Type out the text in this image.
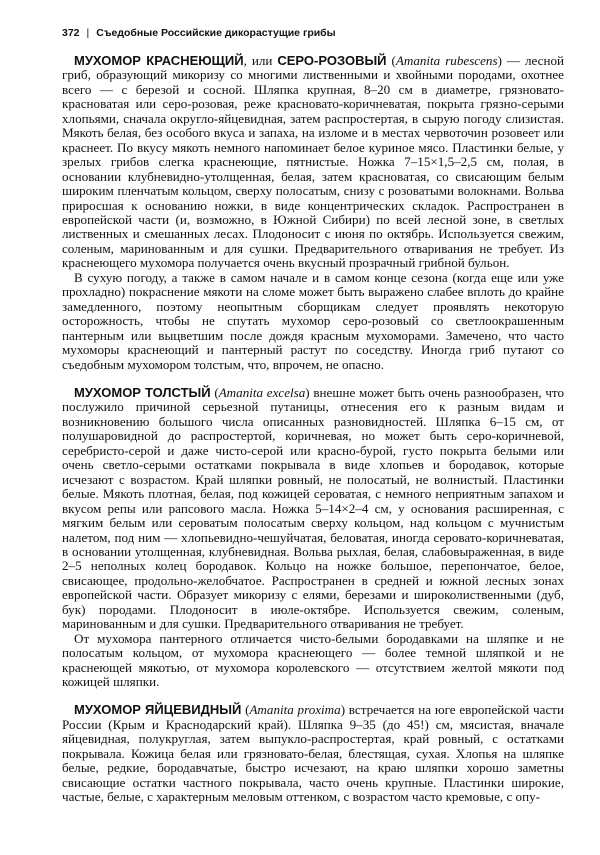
372 | Съедобные Российские дикорастущие грибы

МУХОМОР КРАСНЕЮЩИЙ, или СЕРО-РОЗОВЫЙ (Amanita rubescens) — лесной гриб, образующий микоризу со многими лиственными и хвойными породами, охотнее всего — с березой и сосной. Шляпка крупная, 8–20 см в диаметре, грязновато-красноватая или серо-розовая, реже красновато-коричневатая, покрыта грязно-серыми хлопьями, сначала округло-яйцевидная, затем распростертая, в сырую погоду слизистая. Мякоть белая, без особого вкуса и запаха, на изломе и в местах червоточин розовеет или краснеет. По вкусу мякоть немного напоминает белое куриное мясо. Пластинки белые, у зрелых грибов слегка краснеющие, пятнистые. Ножка 7–15×1,5–2,5 см, полая, в основании клубневидно-утолщенная, белая, затем красноватая, со свисающим белым широким пленчатым кольцом, сверху полосатым, снизу с розоватыми волокнами. Вольва приросшая к основанию ножки, в виде концентрических складок. Распространен в европейской части (и, возможно, в Южной Сибири) по всей лесной зоне, в светлых лиственных и смешанных лесах. Плодоносит с июня по октябрь. Используется свежим, соленым, маринованным и для сушки. Предварительного отваривания не требует. Из краснеющего мухомора получается очень вкусный прозрачный грибной бульон.

В сухую погоду, а также в самом начале и в самом конце сезона (когда еще или уже прохладно) покраснение мякоти на сломе может быть выражено слабее вплоть до крайне замедленного, поэтому неопытным сборщикам следует проявлять некоторую осторожность, чтобы не спутать мухомор серо-розовый со светлоокрашенным пантерным или выцветшим после дождя красным мухоморами. Замечено, что часто мухоморы краснеющий и пантерный растут по соседству. Иногда гриб путают со съедобным мухомором толстым, что, впрочем, не опасно.

МУХОМОР ТОЛСТЫЙ (Amanita excelsa) внешне может быть очень разнообразен, что послужило причиной серьезной путаницы, отнесения его к разным видам и возникновению большого числа описанных разновидностей. Шляпка 6–15 см, от полушаровидной до распростертой, коричневая, но может быть серо-коричневой, серебристо-серой и даже чисто-серой или красно-бурой, густо покрыта белыми или очень светло-серыми остатками покрывала в виде хлопьев и бородавок, которые исчезают с возрастом. Край шляпки ровный, не полосатый, не волнистый. Пластинки белые. Мякоть плотная, белая, под кожицей сероватая, с немного неприятным запахом и вкусом репы или рапсового масла. Ножка 5–14×2–4 см, у основания расширенная, с мягким белым или сероватым полосатым сверху кольцом, над кольцом с мучнистым налетом, под ним — хлопьевидно-чешуйчатая, беловатая, иногда серовато-коричневатая, в основании утолщенная, клубневидная. Вольва рыхлая, белая, слабовыраженная, в виде 2–5 неполных колец бородавок. Кольцо на ножке большое, перепончатое, белое, свисающее, продольно-желобчатое. Распространен в средней и южной лесных зонах европейской части. Образует микоризу с елями, березами и широколиственными (дуб, бук) породами. Плодоносит в июле-октябре. Используется свежим, соленым, маринованным и для сушки. Предварительного отваривания не требует.

От мухомора пантерного отличается чисто-белыми бородавками на шляпке и не полосатым кольцом, от мухомора краснеющего — более темной шляпкой и не краснеющей мякотью, от мухомора королевского — отсутствием желтой мякоти под кожицей шляпки.

МУХОМОР ЯЙЦЕВИДНЫЙ (Amanita proxima) встречается на юге европейской части России (Крым и Краснодарский край). Шляпка 9–35 (до 45!) см, мясистая, вначале яйцевидная, полукруглая, затем выпукло-распростертая, край ровный, с остатками покрывала. Кожица белая или грязновато-белая, блестящая, сухая. Хлопья на шляпке белые, редкие, бородавчатые, быстро исчезают, на краю шляпки хорошо заметны свисающие остатки частного покрывала, часто очень крупные. Пластинки широкие, частые, белые, с характерным меловым оттенком, с возрастом часто кремовые, с опу-
